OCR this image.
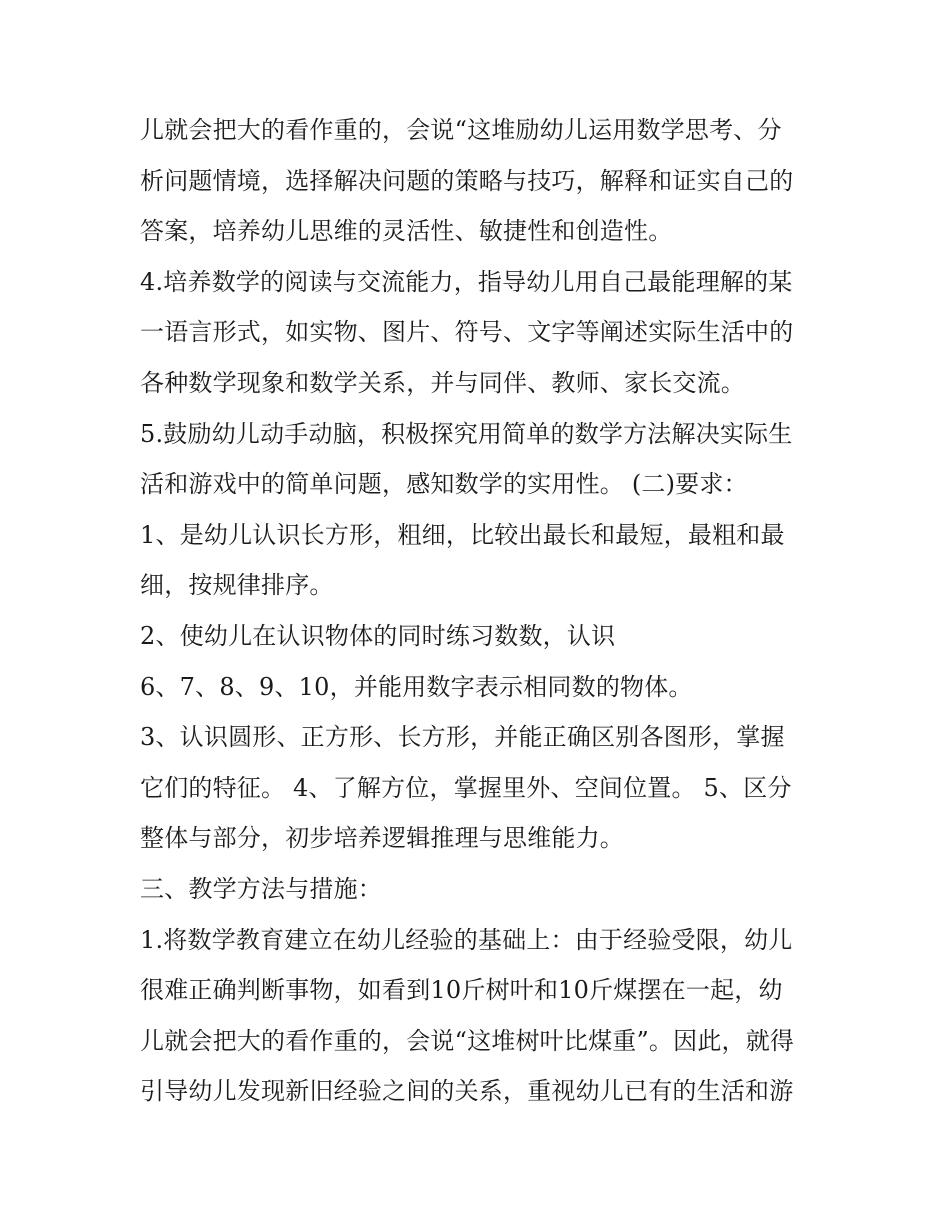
儿就会把大的看作重的，会说“这堆励幼儿运用数学思考、分
析问题情境，选择解决问题的策略与技巧，解释和证实自己的
答案，培养幼儿思维的灵活性、敏捷性和创造性。
4.培养数学的阅读与交流能力，指导幼儿用自己最能理解的某
一语言形式，如实物、图片、符号、文字等阐述实际生活中的
各种数学现象和数学关系，并与同伴、教师、家长交流。
5.鼓励幼儿动手动脑，积极探究用简单的数学方法解决实际生
活和游戏中的简单问题，感知数学的实用性。 (二)要求：
1、是幼儿认识长方形，粗细，比较出最长和最短，最粗和最
细，按规律排序。
2、使幼儿在认识物体的同时练习数数，认识
6、7、8、9、10，并能用数字表示相同数的物体。
3、认识圆形、正方形、长方形，并能正确区别各图形，掌握
它们的特征。 4、了解方位，掌握里外、空间位置。 5、区分
整体与部分，初步培养逻辑推理与思维能力。
三、教学方法与措施：
1.将数学教育建立在幼儿经验的基础上：由于经验受限，幼儿
很难正确判断事物，如看到10斤树叶和10斤煤摆在一起，幼
儿就会把大的看作重的，会说“这堆树叶比煤重”。因此，就得
引导幼儿发现新旧经验之间的关系，重视幼儿已有的生活和游
